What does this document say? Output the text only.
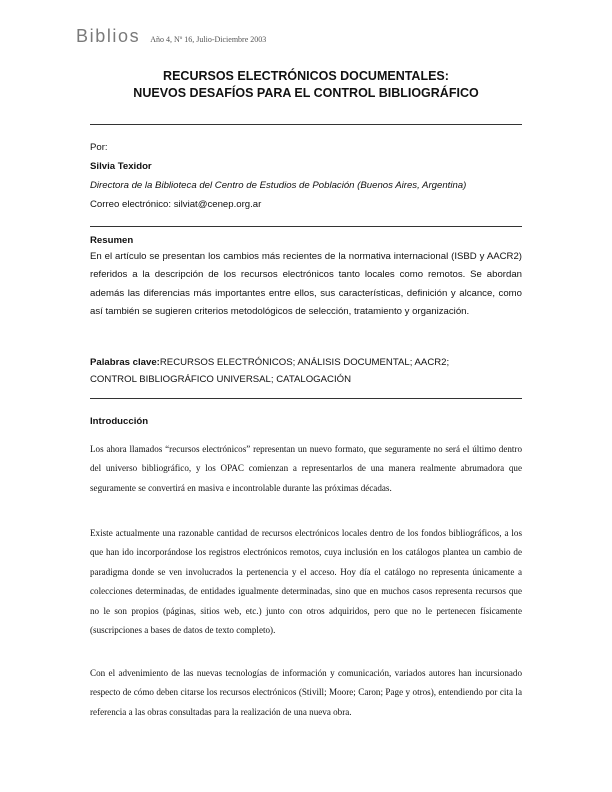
Biblios Año 4, Nº 16, Julio-Diciembre 2003
RECURSOS ELECTRÓNICOS DOCUMENTALES:
NUEVOS DESAFÍOS PARA EL CONTROL BIBLIOGRÁFICO
Por:
Silvia Texidor
Directora de la Biblioteca del Centro de Estudios de Población (Buenos Aires, Argentina)
Correo electrónico: silviat@cenep.org.ar
Resumen
En el artículo se presentan los cambios más recientes de la normativa internacional (ISBD y AACR2) referidos a la descripción de los recursos electrónicos tanto locales como remotos. Se abordan además las diferencias más importantes entre ellos, sus características, definición y alcance, como así también se sugieren criterios metodológicos de selección, tratamiento y organización.
Palabras clave:RECURSOS ELECTRÓNICOS; ANÁLISIS DOCUMENTAL; AACR2;
CONTROL BIBLIOGRÁFICO UNIVERSAL; CATALOGACIÓN
Introducción
Los ahora llamados “recursos electrónicos” representan un nuevo formato, que seguramente no será el último dentro del universo bibliográfico, y los OPAC comienzan a representarlos de una manera realmente abrumadora que seguramente se convertirá en masiva e incontrolable durante las próximas décadas.
Existe actualmente una razonable cantidad de recursos electrónicos locales dentro de los fondos bibliográficos, a los que han ido incorporándose los registros electrónicos remotos, cuya inclusión en los catálogos plantea un cambio de paradigma donde se ven involucrados la pertenencia y el acceso. Hoy día el catálogo no representa únicamente a colecciones determinadas, de entidades igualmente determinadas, sino que en muchos casos representa recursos que no le son propios (páginas, sitios web, etc.) junto con otros adquiridos, pero que no le pertenecen físicamente (suscripciones a bases de datos de texto completo).
Con el advenimiento de las nuevas tecnologías de información y comunicación, variados autores han incursionado respecto de cómo deben citarse los recursos electrónicos (Stivill; Moore; Caron; Page y otros), entendiendo por cita la referencia a las obras consultadas para la realización de una nueva obra.
